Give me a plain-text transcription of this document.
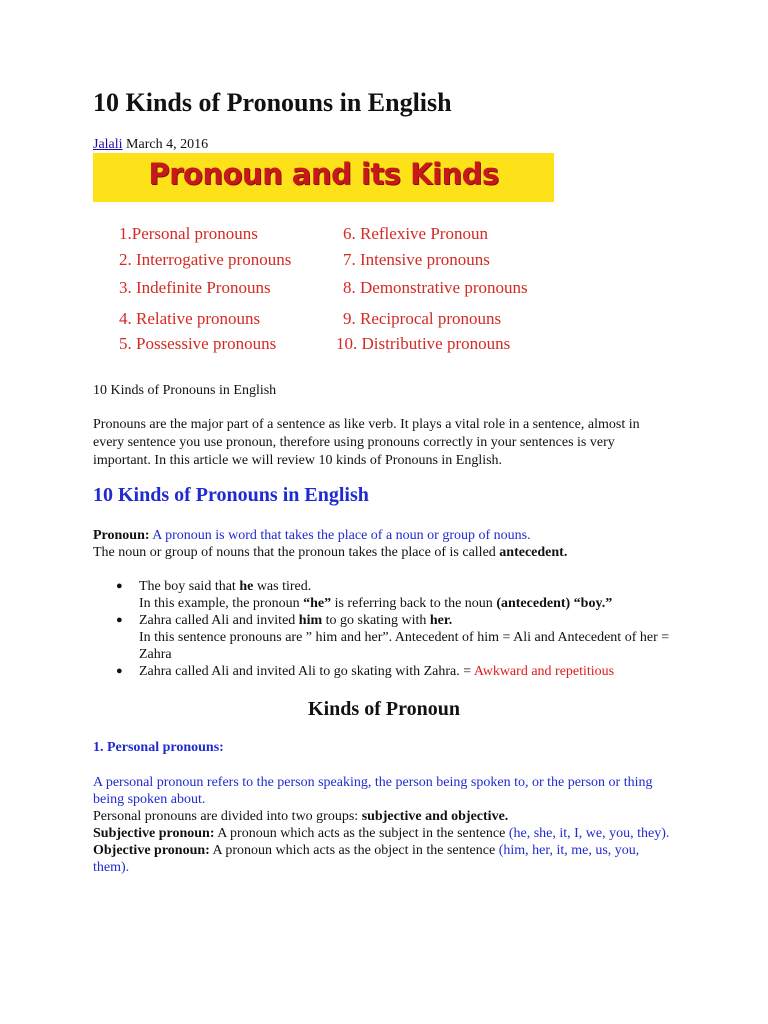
10 Kinds of Pronouns in English
Jalali March 4, 2016
Pronoun and its Kinds
1.Personal pronouns
2. Interrogative pronouns
3. Indefinite Pronouns
4. Relative pronouns
5. Possessive pronouns
6. Reflexive Pronoun
7. Intensive pronouns
8. Demonstrative pronouns
9. Reciprocal pronouns
10. Distributive pronouns
10 Kinds of Pronouns in English

Pronouns are the major part of a sentence as like verb. It plays a vital role in a sentence, almost in every sentence you use pronoun, therefore using pronouns correctly in your sentences is very important. In this article we will review 10 kinds of Pronouns in English.

10 Kinds of Pronouns in English
Pronoun: A pronoun is word that takes the place of a noun or group of nouns.
The noun or group of nouns that the pronoun takes the place of is called antecedent.
● The boy said that he was tired.
In this example, the pronoun “he” is referring back to the noun (antecedent) “boy.”
● Zahra called Ali and invited him to go skating with her.
In this sentence pronouns are ” him and her”. Antecedent of him = Ali and Antecedent of her = Zahra
● Zahra called Ali and invited Ali to go skating with Zahra. = Awkward and repetitious
Kinds of Pronoun
1. Personal pronouns:
A personal pronoun refers to the person speaking, the person being spoken to, or the person or thing being spoken about.
Personal pronouns are divided into two groups: subjective and objective.
Subjective pronoun: A pronoun which acts as the subject in the sentence (he, she, it, I, we, you, they).
Objective pronoun: A pronoun which acts as the object in the sentence (him, her, it, me, us, you, them).
